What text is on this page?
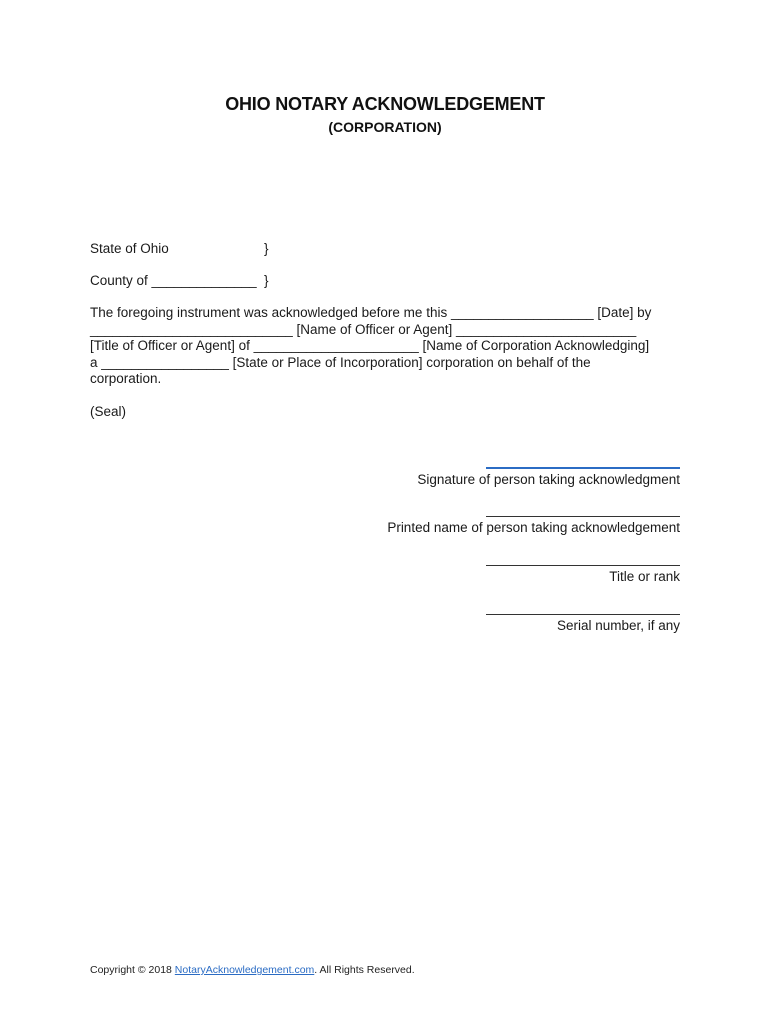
OHIO NOTARY ACKNOWLEDGEMENT
(CORPORATION)
State of Ohio	}
County of ______________ }
The foregoing instrument was acknowledged before me this ___________________ [Date] by
___________________________ [Name of Officer or Agent] ________________________
[Title of Officer or Agent] of ______________________ [Name of Corporation Acknowledging]
a _________________ [State or Place of Incorporation] corporation on behalf of the
corporation.
(Seal)
Signature of person taking acknowledgment
Printed name of person taking acknowledgement
Title or rank
Serial number, if any
Copyright © 2018 NotaryAcknowledgement.com. All Rights Reserved.
